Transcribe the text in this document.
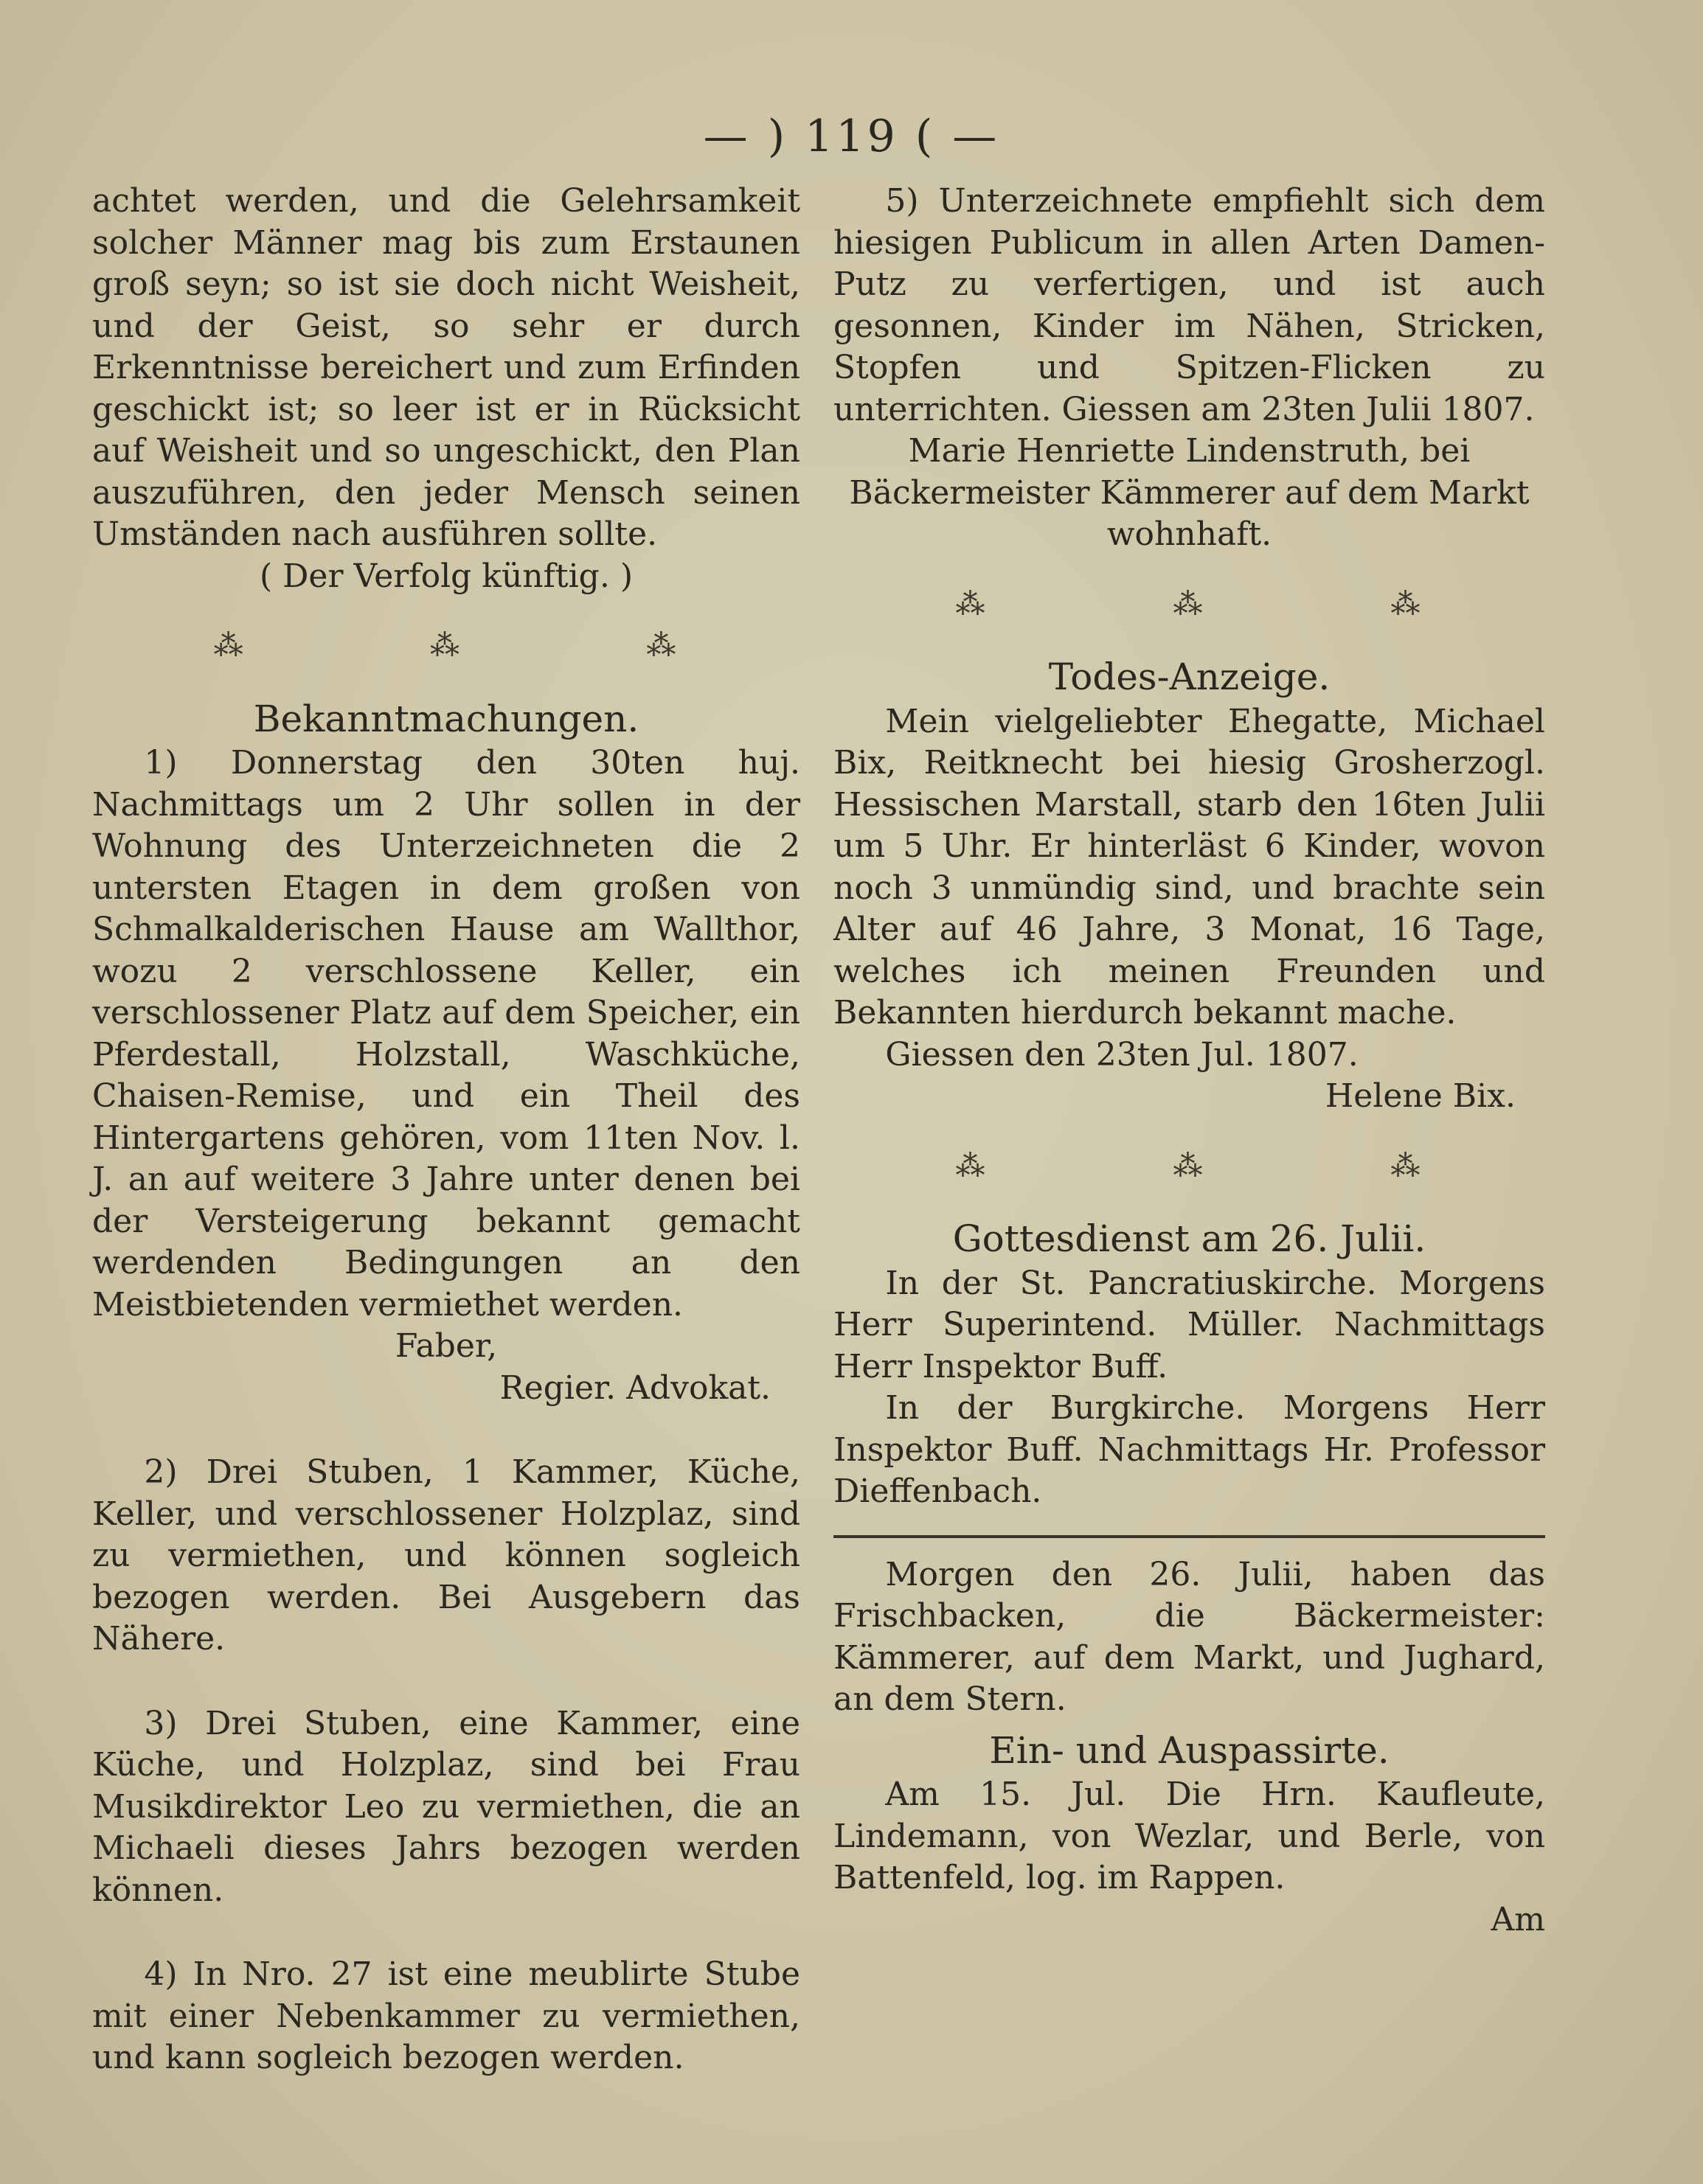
— ) 119 ( —

achtet werden, und die Gelehrsamkeit solcher Männer mag bis zum Erstaunen groß seyn; so ist sie doch nicht Weisheit, und der Geist, so sehr er durch Erkenntnisse bereichert und zum Erfinden geschickt ist; so leer ist er in Rücksicht auf Weisheit und so ungeschickt, den Plan auszuführen, den jeder Mensch seinen Umständen nach ausführen sollte.

( Der Verfolg künftig. )

⁂	⁂	⁂
Bekanntmachungen.

1) Donnerstag den 30ten huj. Nachmittags um 2 Uhr sollen in der Wohnung des Unterzeichneten die 2 untersten Etagen in dem großen von Schmalkalderischen Hause am Wallthor, wozu 2 verschlossene Keller, ein verschlossener Platz auf dem Speicher, ein Pferdestall, Holzstall, Waschküche, Chaisen-Remise, und ein Theil des Hintergartens gehören, vom 11ten Nov. l. J. an auf weitere 3 Jahre unter denen bei der Versteigerung bekannt gemacht werdenden Bedingungen an den Meistbietenden vermiethet werden.

Faber,

Regier. Advokat.

2) Drei Stuben, 1 Kammer, Küche, Keller, und verschlossener Holzplaz, sind zu vermiethen, und können sogleich bezogen werden. Bei Ausgebern das Nähere.

3) Drei Stuben, eine Kammer, eine Küche, und Holzplaz, sind bei Frau Musikdirektor Leo zu vermiethen, die an Michaeli dieses Jahrs bezogen werden können.

4) In Nro. 27 ist eine meublirte Stube mit einer Nebenkammer zu vermiethen, und kann sogleich bezogen werden.

5) Unterzeichnete empfiehlt sich dem hiesigen Publicum in allen Arten Damen-Putz zu verfertigen, und ist auch gesonnen, Kinder im Nähen, Stricken, Stopfen und Spitzen-Flicken zu unterrichten. Giessen am 23ten Julii 1807.

Marie Henriette Lindenstruth, bei Bäckermeister Kämmerer auf dem Markt wohnhaft.

⁂	⁂	⁂
Todes-Anzeige.

Mein vielgeliebter Ehegatte, Michael Bix, Reitknecht bei hiesig Grosherzogl. Hessischen Marstall, starb den 16ten Julii um 5 Uhr. Er hinterläst 6 Kinder, wovon noch 3 unmündig sind, und brachte sein Alter auf 46 Jahre, 3 Monat, 16 Tage, welches ich meinen Freunden und Bekannten hierdurch bekannt mache.

Giessen den 23ten Jul. 1807.

Helene Bix.

⁂	⁂	⁂
Gottesdienst am 26. Julii.

In der St. Pancratiuskirche. Morgens Herr Superintend. Müller. Nachmittags Herr Inspektor Buff.

In der Burgkirche. Morgens Herr Inspektor Buff. Nachmittags Hr. Professor Dieffenbach.

Morgen den 26. Julii, haben das Frischbacken, die Bäckermeister: Kämmerer, auf dem Markt, und Jughard, an dem Stern.

Ein- und Auspassirte.

Am 15. Jul. Die Hrn. Kaufleute, Lindemann, von Wezlar, und Berle, von Battenfeld, log. im Rappen.

Am
